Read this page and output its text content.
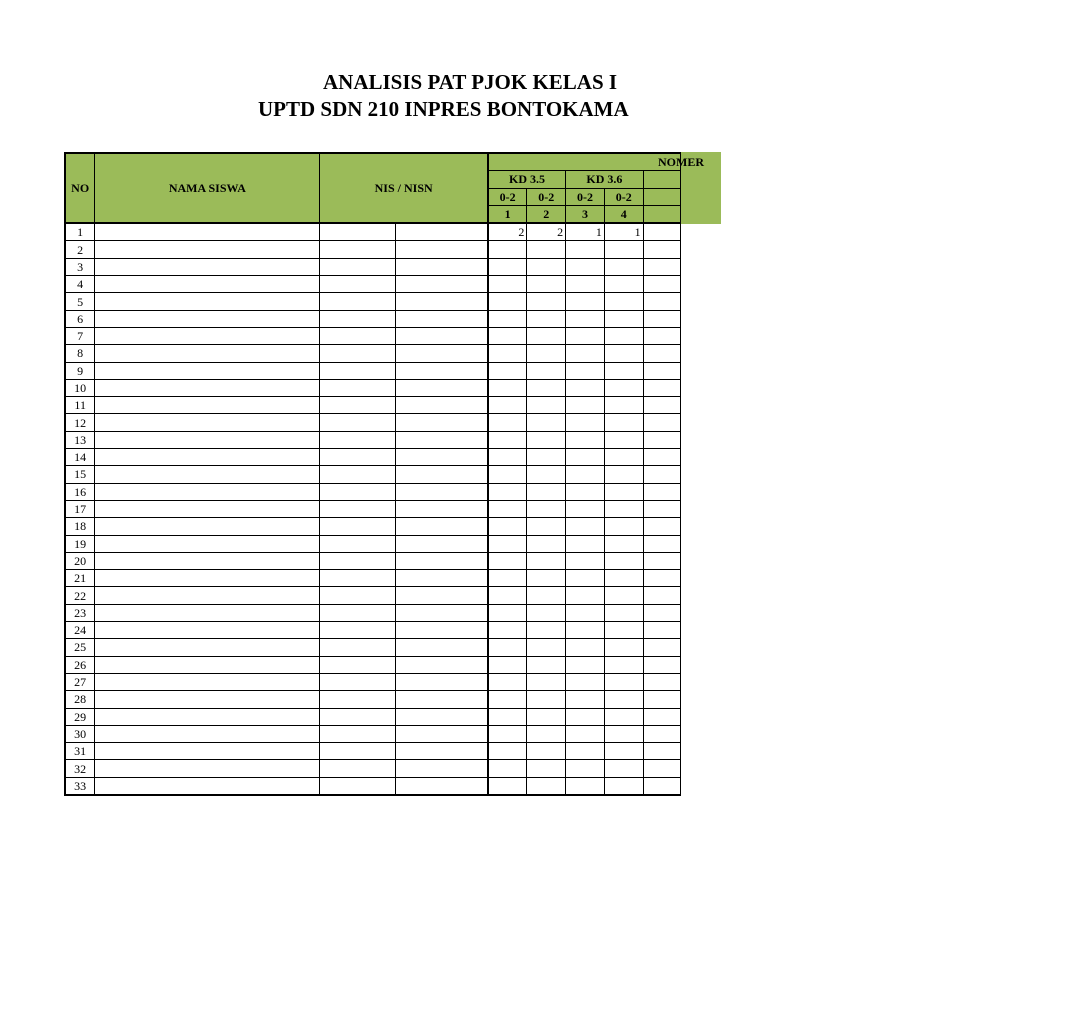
ANALISIS PAT PJOK KELAS I
UPTD SDN 210 INPRES BONTOKAMA
NO	NAMA SISWA	NIS / NISN		NOMER				
				KD 3.5		KD 3.6		
				0-2	0-2	0-2	0-2	
				1	2	3	4	
1				2	2	1	1	
2								
3								
4								
5								
6								
7								
8								
9								
10								
11								
12								
13								
14								
15								
16								
17								
18								
19								
20								
21								
22								
23								
24								
25								
26								
27								
28								
29								
30								
31								
32								
33								
